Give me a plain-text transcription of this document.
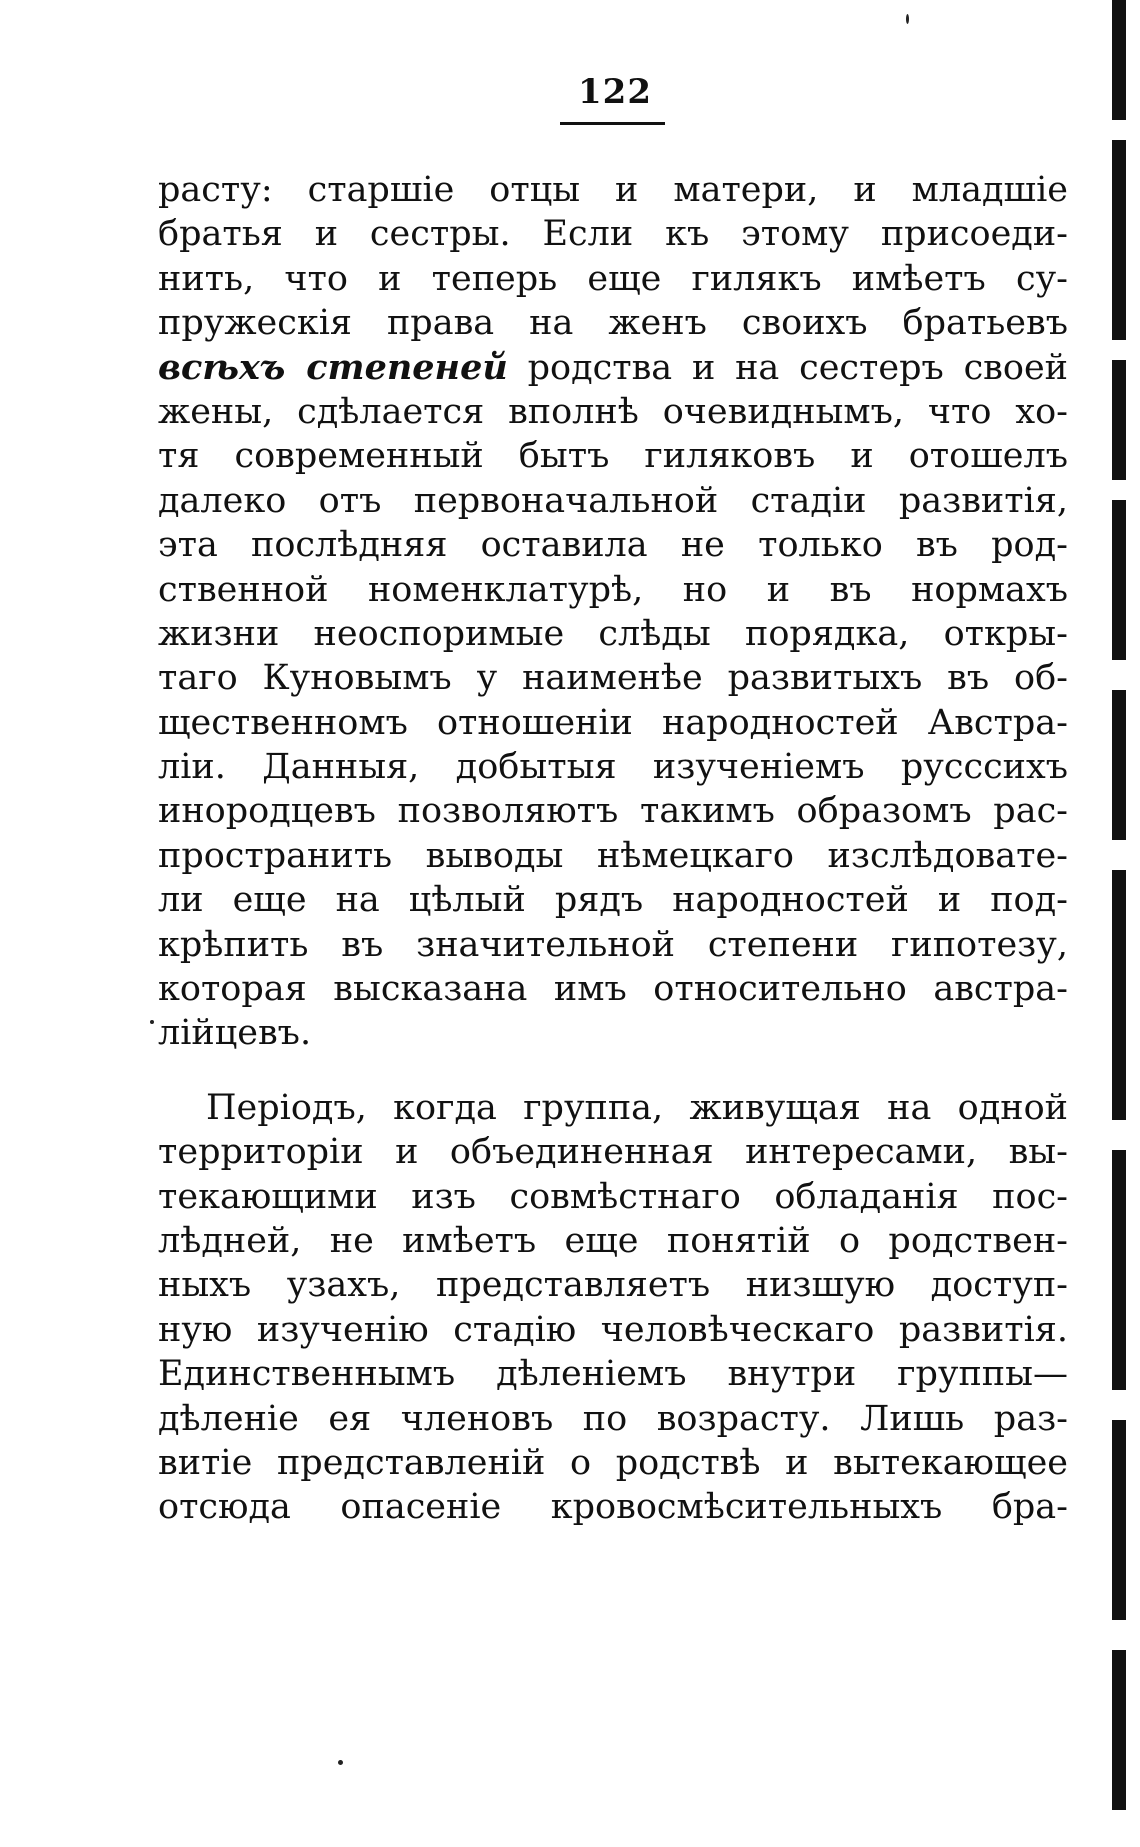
122
расту: старшіе отцы и матери, и младшіе
братья и сестры. Если къ этому присоеди-
нить, что и теперь еще гилякъ имѣетъ су-
пружескія права на женъ своихъ братьевъ
всѣхъ степеней родства и на сестеръ своей
жены, сдѣлается вполнѣ очевиднымъ, что хо-
тя современный бытъ гиляковъ и отошелъ
далеко отъ первоначальной стадіи развитія,
эта послѣдняя оставила не только въ род-
ственной номенклатурѣ, но и въ нормахъ
жизни неоспоримые слѣды порядка, откры-
таго Куновымъ у наименѣе развитыхъ въ об-
щественномъ отношеніи народностей Австра-
ліи. Данныя, добытыя изученіемъ русссихъ
инородцевъ позволяютъ такимъ образомъ рас-
пространить выводы нѣмецкаго изслѣдовате-
ли еще на цѣлый рядъ народностей и под-
крѣпить въ значительной степени гипотезу,
которая высказана имъ относительно австра-
лійцевъ.
Періодъ, когда группа, живущая на одной
территоріи и объединенная интересами, вы-
текающими изъ совмѣстнаго обладанія пос-
лѣдней, не имѣетъ еще понятій о родствен-
ныхъ узахъ, представляетъ низшую доступ-
ную изученію стадію человѣческаго развитія.
Единственнымъ дѣленіемъ внутри группы—
дѣленіе ея членовъ по возрасту. Лишь раз-
витіе представленій о родствѣ и вытекающее
отсюда опасеніе кровосмѣсительныхъ бра-
